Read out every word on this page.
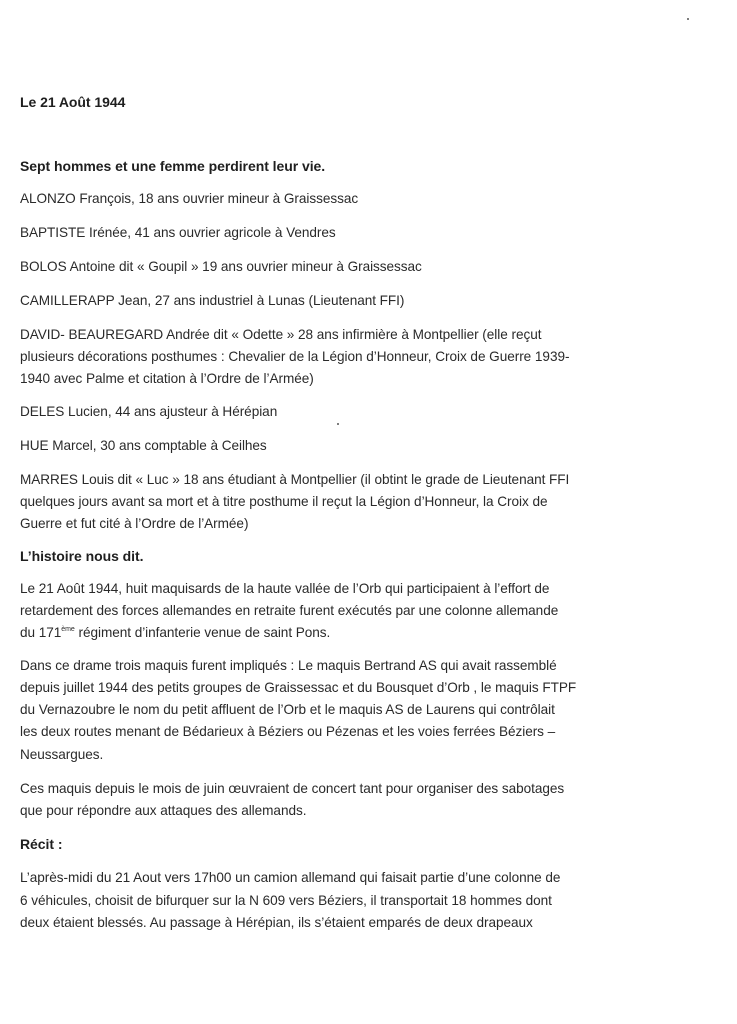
Le 21 Août 1944
Sept hommes et une femme perdirent leur vie.
ALONZO François, 18 ans ouvrier mineur à Graissessac
BAPTISTE Irénée, 41 ans ouvrier agricole à Vendres
BOLOS Antoine dit « Goupil » 19 ans ouvrier mineur à Graissessac
CAMILLERAPP Jean, 27 ans industriel à Lunas (Lieutenant FFI)
DAVID- BEAUREGARD Andrée dit « Odette » 28 ans infirmière à Montpellier (elle reçut
plusieurs décorations posthumes : Chevalier de la Légion d’Honneur, Croix de Guerre 1939-
1940 avec Palme et citation à l’Ordre de l’Armée)
DELES Lucien, 44 ans ajusteur à Hérépian
HUE Marcel, 30 ans comptable à Ceilhes
MARRES Louis dit « Luc » 18 ans étudiant à Montpellier (il obtint le grade de Lieutenant FFI
quelques jours avant sa mort et à titre posthume il reçut la Légion d’Honneur, la Croix de
Guerre et fut cité à l’Ordre de l’Armée)
L’histoire nous dit.
Le 21 Août 1944, huit maquisards de la haute vallée de l’Orb qui participaient à l’effort de
retardement des forces allemandes en retraite furent exécutés par une colonne allemande
du 171ème régiment d’infanterie venue de saint Pons.
Dans ce drame trois maquis furent impliqués : Le maquis Bertrand AS qui avait rassemblé
depuis juillet 1944 des petits groupes de Graissessac et du Bousquet d’Orb , le maquis FTPF
du Vernazoubre le nom du petit affluent de l’Orb et le maquis AS de Laurens qui contrôlait
les deux routes menant de Bédarieux à Béziers ou Pézenas et les voies ferrées Béziers –
Neussargues.
Ces maquis depuis le mois de juin œuvraient de concert tant pour organiser des sabotages
que pour répondre aux attaques des allemands.
Récit :
L’après-midi du 21 Aout vers 17h00 un camion allemand qui faisait partie d’une colonne de
6 véhicules, choisit de bifurquer sur la N 609 vers Béziers, il transportait 18 hommes dont
deux étaient blessés. Au passage à Hérépian, ils s’étaient emparés de deux drapeaux
